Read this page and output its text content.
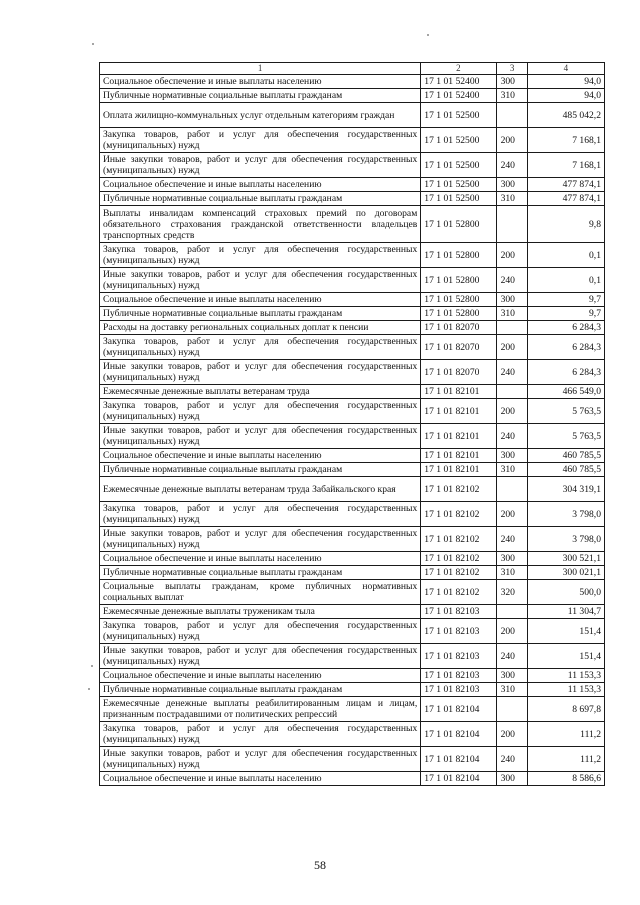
1	2	3	4
Социальное обеспечение и иные выплаты населению	17 1 01 52400	300	94,0
Публичные нормативные социальные выплаты гражданам	17 1 01 52400	310	94,0
Оплата жилищно-коммунальных услуг отдельным категориям граждан	17 1 01 52500		485 042,2
Закупка товаров, работ и услуг для обеспечения государственных (муниципальных) нужд	17 1 01 52500	200	7 168,1
Иные закупки товаров, работ и услуг для обеспечения государственных (муниципальных) нужд	17 1 01 52500	240	7 168,1
Социальное обеспечение и иные выплаты населению	17 1 01 52500	300	477 874,1
Публичные нормативные социальные выплаты гражданам	17 1 01 52500	310	477 874,1
Выплаты инвалидам компенсаций страховых премий по договорам обязательного страхования гражданской ответственности владельцев транспортных средств	17 1 01 52800		9,8
Закупка товаров, работ и услуг для обеспечения государственных (муниципальных) нужд	17 1 01 52800	200	0,1
Иные закупки товаров, работ и услуг для обеспечения государственных (муниципальных) нужд	17 1 01 52800	240	0,1
Социальное обеспечение и иные выплаты населению	17 1 01 52800	300	9,7
Публичные нормативные социальные выплаты гражданам	17 1 01 52800	310	9,7
Расходы на доставку региональных социальных доплат к пенсии	17 1 01 82070		6 284,3
Закупка товаров, работ и услуг для обеспечения государственных (муниципальных) нужд	17 1 01 82070	200	6 284,3
Иные закупки товаров, работ и услуг для обеспечения государственных (муниципальных) нужд	17 1 01 82070	240	6 284,3
Ежемесячные денежные выплаты ветеранам труда	17 1 01 82101		466 549,0
Закупка товаров, работ и услуг для обеспечения государственных (муниципальных) нужд	17 1 01 82101	200	5 763,5
Иные закупки товаров, работ и услуг для обеспечения государственных (муниципальных) нужд	17 1 01 82101	240	5 763,5
Социальное обеспечение и иные выплаты населению	17 1 01 82101	300	460 785,5
Публичные нормативные социальные выплаты гражданам	17 1 01 82101	310	460 785,5
Ежемесячные денежные выплаты ветеранам труда Забайкальского края	17 1 01 82102		304 319,1
Закупка товаров, работ и услуг для обеспечения государственных (муниципальных) нужд	17 1 01 82102	200	3 798,0
Иные закупки товаров, работ и услуг для обеспечения государственных (муниципальных) нужд	17 1 01 82102	240	3 798,0
Социальное обеспечение и иные выплаты населению	17 1 01 82102	300	300 521,1
Публичные нормативные социальные выплаты гражданам	17 1 01 82102	310	300 021,1
Социальные выплаты гражданам, кроме публичных нормативных социальных выплат	17 1 01 82102	320	500,0
Ежемесячные денежные выплаты труженикам тыла	17 1 01 82103		11 304,7
Закупка товаров, работ и услуг для обеспечения государственных (муниципальных) нужд	17 1 01 82103	200	151,4
Иные закупки товаров, работ и услуг для обеспечения государственных (муниципальных) нужд	17 1 01 82103	240	151,4
Социальное обеспечение и иные выплаты населению	17 1 01 82103	300	11 153,3
Публичные нормативные социальные выплаты гражданам	17 1 01 82103	310	11 153,3
Ежемесячные денежные выплаты реабилитированным лицам и лицам, признанным пострадавшими от политических репрессий	17 1 01 82104		8 697,8
Закупка товаров, работ и услуг для обеспечения государственных (муниципальных) нужд	17 1 01 82104	200	111,2
Иные закупки товаров, работ и услуг для обеспечения государственных (муниципальных) нужд	17 1 01 82104	240	111,2
Социальное обеспечение и иные выплаты населению	17 1 01 82104	300	8 586,6
58
